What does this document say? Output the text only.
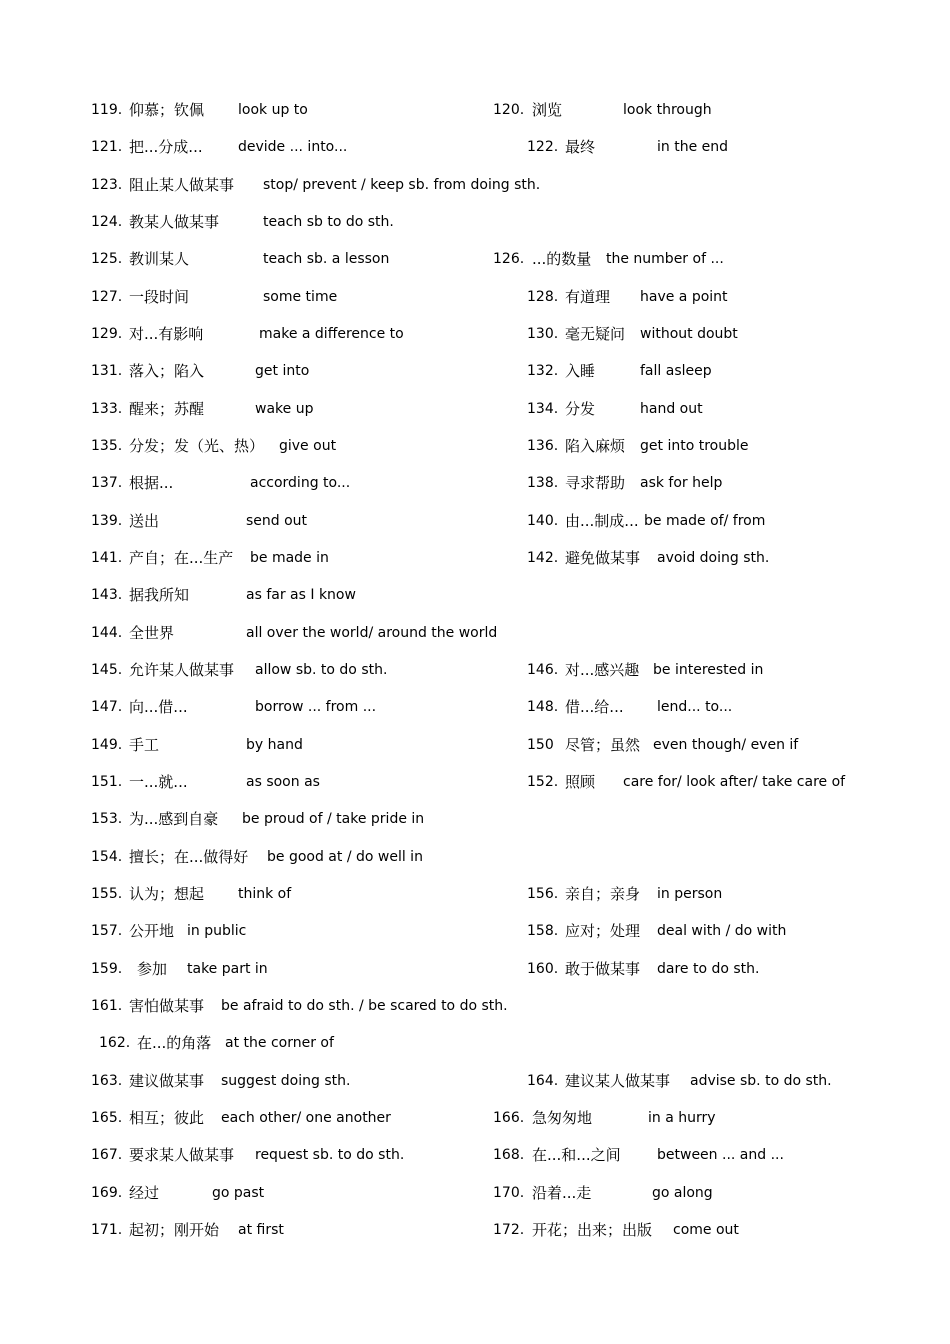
119. 仰慕；钦佩 look up to	120. 浏览	look through
121. 把...分成...	devide ... into...	122. 最终	in the end
123. 阻止某人做某事 stop/ prevent / keep sb. from doing sth.
124. 教某人做某事	teach sb to do sth.
125. 教训某人	teach sb. a lesson	126. ...的数量 the number of ...
127. 一段时间	some time	128. 有道理 have a point
129. 对...有影响	make a difference to	130. 毫无疑问 without doubt
131. 落入；陷入	get into	132. 入睡	fall asleep
133. 醒来；苏醒	wake up	134. 分发	hand out
135. 分发；发（光、热） give out	136. 陷入麻烦 get into trouble
137. 根据...	according to...	138. 寻求帮助 ask for help
139. 送出	send out	140. 由...制成... be made of/ from
141. 产自；在...生产 be made in	142. 避免做某事 avoid doing sth.
143. 据我所知	as far as I know
144. 全世界	all over the world/ around the world
145. 允许某人做某事 allow sb. to do sth.	146. 对...感兴趣 be interested in
147. 向...借...	borrow ... from ...	148. 借...给... lend... to...
149. 手工	by hand	150 尽管；虽然 even though/ even if
151. 一...就...	as soon as	152. 照顾 care for/ look after/ take care of
153. 为...感到自豪 be proud of / take pride in
154. 擅长；在...做得好 be good at / do well in
155. 认为；想起 think of	156. 亲自；亲身 in person
157. 公开地 in public	158. 应对；处理 deal with / do with
159. 参加 take part in	160. 敢于做某事 dare to do sth.
161. 害怕做某事 be afraid to do sth. / be scared to do sth.
162. 在...的角落 at the corner of
163. 建议做某事 suggest doing sth.	164. 建议某人做某事 advise sb. to do sth.
165. 相互；彼此 each other/ one another	166. 急匆匆地	in a hurry
167. 要求某人做某事 request sb. to do sth.	168. 在...和...之间	between ... and ...
169. 经过	go past	170. 沿着...走	go along
171. 起初；刚开始 at first	172. 开花；出来；出版 come out
